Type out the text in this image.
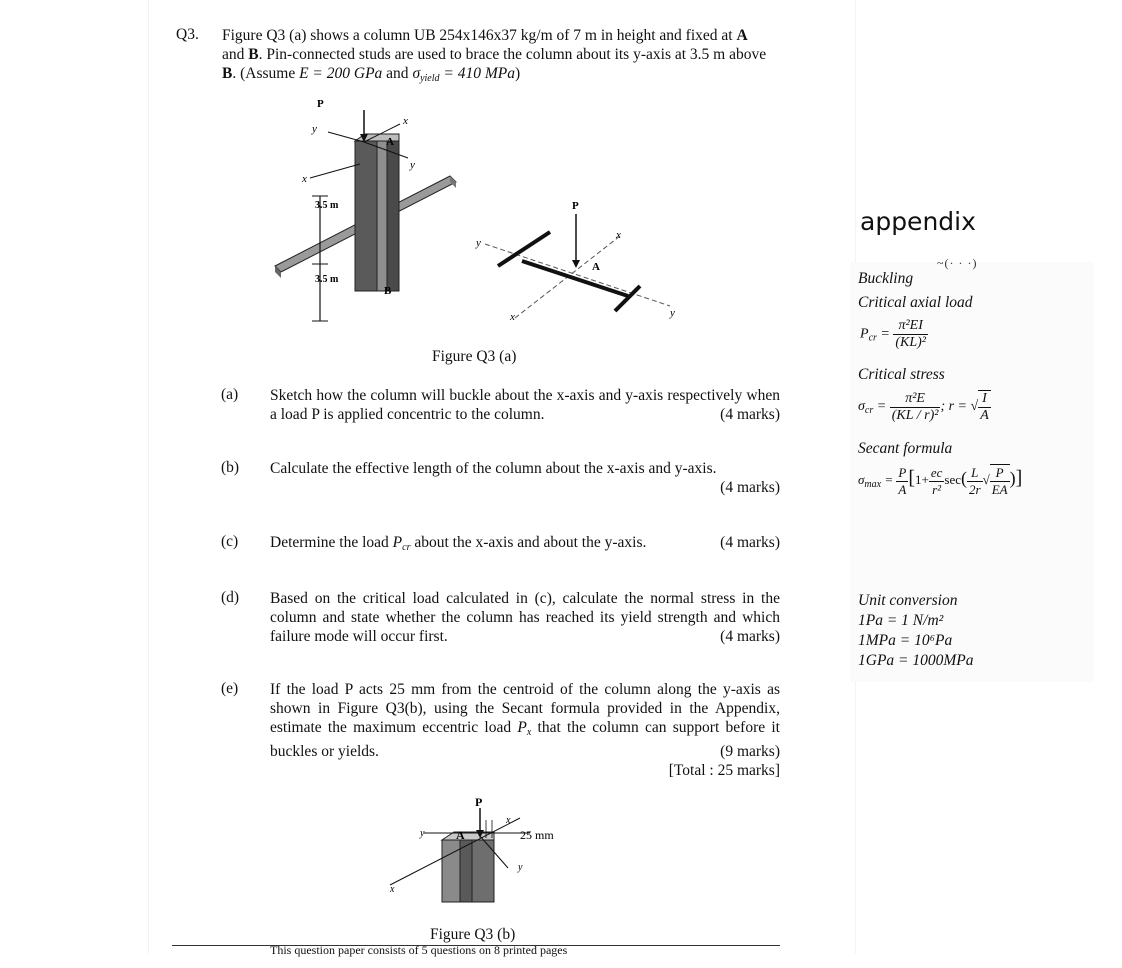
Q3. Figure Q3 (a) shows a column UB 254x146x37 kg/m of 7 m in height and fixed at A
and B. Pin-connected studs are used to brace the column about its y-axis at 3.5 m above
B. (Assume E = 200 GPa and $\sigma_{yield} = 410$ MPa)
P
A
B
y
x
y
x
3.5 m
3.5 m
P
A
y
x
x	y
Figure Q3 (a)
(a) Sketch how the column will buckle about the x-axis and y-axis respectively when a load P is applied concentric to the column.	(4 marks)
(b) Calculate the effective length of the column about the x-axis and y-axis.
(4 marks)
(c) Determine the load $P_{cr}$ about the x-axis and about the y-axis.	(4 marks)
(d) Based on the critical load calculated in (c), calculate the normal stress in the column and state whether the column has reached its yield strength and which failure mode will occur first.	(4 marks)
(e) If the load P acts 25 mm from the centroid of the column along the y-axis as shown in Figure Q3(b), using the Secant formula provided in the Appendix, estimate the maximum eccentric load $P_x$ that the column can support before it buckles or yields.	(9 marks)
[Total : 25 marks]
P
A
y
x
x
y
25 mm
Figure Q3 (b)
$^{This question paper consists of 5 questions on 8 printed pages}$
appendix
~(· · ·)
Buckling
Critical axial load
$P_{cr} = \frac{\text{π²EI}}{\text{(KL)²}}$
Critical stress
$\sigma_{cr} = \frac{\text{π²E}}{\text{(KL / r)²}}$ ; r = √ $\frac{I}{A}$
Secant formula
$\sigma_{max} = \frac{P}{A} [1+ \frac{ec}{\text{r²}} \sec( \frac{L}{2r}$ √ $\frac{P}{EA}$ )]
Unit conversion
1Pa = 1 N/m²
1MPa = 10⁶Pa
1GPa = 1000MPa
